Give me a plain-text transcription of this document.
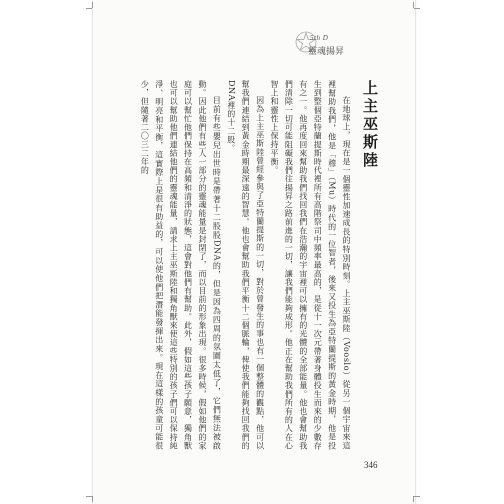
5th D
靈魂揚昇
上主巫斯陸

在地球上，現在是一個靈性加速成長的特別時刻。上主巫斯陸（Vooslo）從另一個宇宙來這裡幫助我們，他是「穆」（Mu）時代的一位智者，後來又投生為亞特蘭提斯的黃金時期，他是投生到整個亞特蘭提斯時代裡所有高階祭司中頻率最高的，是從十一次元帶著身體投生而來的少數存有之一。他再度回來幫助我們找回我們在浩瀚的宇宙裡可以擁有的光體的全部能量。他也會幫助我們清除一切可能阻礙我們往揚昇之路前進的一切，讓我們能夠成形。他正在幫助我們所有的人在心智上和靈性上保持平衡。

因為上主巫斯陸曾經參與了亞特蘭提斯的一切，對於曾發生的事也有一個整體的觀點，他可以幫我們連結到黃金時期最深遠的智慧。他也會幫助我們平衡十二個脈輪，俾使我們能夠找回我們的DNA裡的十二股。

目前有些嬰兒出世時是帶著十二股股DNA的，但是因為四周的氛圍太低了，它們無法被啟動。因此他們有些人一部分的靈魂能量是封閉了，而以目前的形象出現。很多時候，假如他們的家庭可以幫忙他們保持在高頻和清淨的狀態，這會對他們有幫助。此外，假如這些孩子願意，獨角獸也可以幫助他們連結他們的靈魂能量，請求上主巫斯陸和獨角獸來使這些特別的孩子們可以保持純淨、明亮和平衡，這實際上是很有助益的，可以使他們把潛能發揮出來。現在這樣的孩童可能很少，但隨著二〇三二年的

346
